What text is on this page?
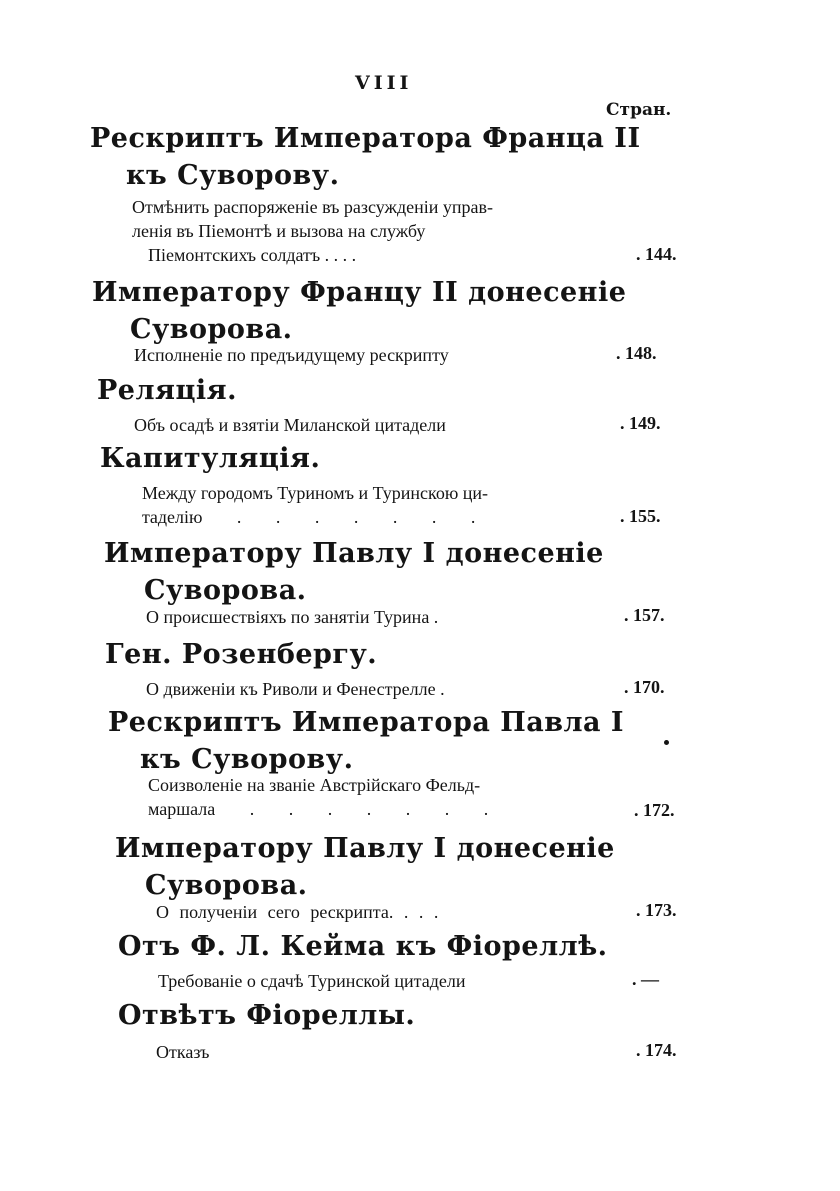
VIII
Стран.
Рескриптъ Императора Франца II
къ Суворову.
Отмѣнить распоряженіе въ разсужденіи управ-
ленія въ Піемонтѣ и вызова на службу
Піемонтскихъ солдатъ . . . .	. 144.
Императору Францу II донесеніе
Суворова.
Исполненіе по предъидущему рескрипту	. 148.
Реляція.
Объ осадѣ и взятіи Миланской цитадели	. 149.
Капитуляція.
Между городомъ Туриномъ и Туринскою ци-
тaделію . . . . . . .	. 155.
Императору Павлу I донесеніе
Суворова.
О происшествіяхъ по занятіи Турина .	. 157.
Ген. Розенбергу.
О движеніи къ Риволи и Фенестрелле .	. 170.
Рескриптъ Императора Павла I
къ Суворову.
Соизволеніе на званіе Австрійскаго Фельд-
маршала . . . . . . .	. 172.
Императору Павлу I донесеніе
Суворова.
О полученіи сего рескрипта. . . .	. 173.
Отъ Ф. Л. Кейма къ Фіореллѣ.
Требованіе о сдачѣ Туринской цитадели	. —
Отвѣтъ Фіореллы.
Отказъ	. 174.
